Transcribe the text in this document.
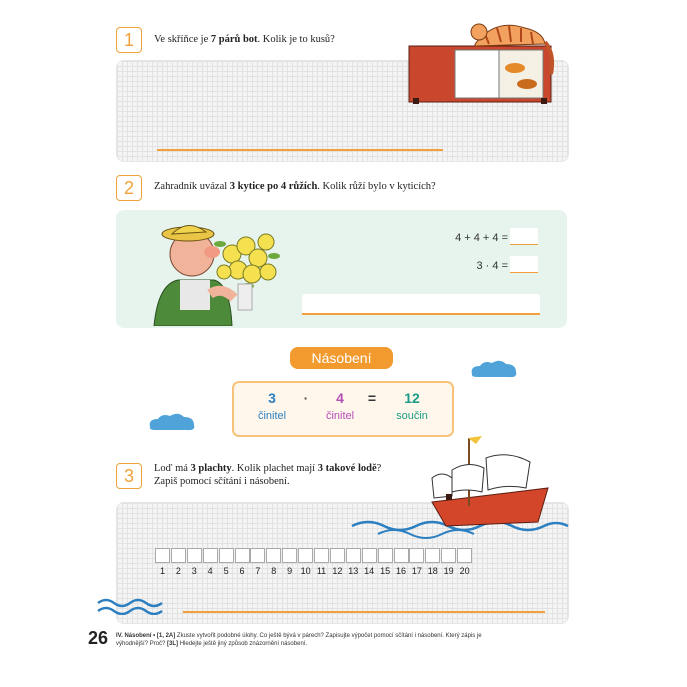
1	Ve skříňce je 7 párů bot. Kolik je to kusů?
2	Zahradník uvázal 3 kytice po 4 růžích. Kolik růží bylo v kyticích?
4 + 4 + 4 =
3 · 4 =
Násobení
3	·	4	=	12
činitel	činitel	součin
3	Loď má 3 plachty. Kolik plachet mají 3 takové lodě?
Zapiš pomocí sčítání i násobení.
1	2	3	4	5	6	7	8	9 10 11 12 13 14 15 16 17 18 19 20
26 IV. Násobení • [1, 2A] Zkuste vytvořit podobné úlohy. Co ještě bývá v párech? Zapisujte výpočet pomocí sčítání i násobení. Který zápis je
výhodnější? Proč? [3L] Hledejte ještě jiný způsob znázornění násobení.
